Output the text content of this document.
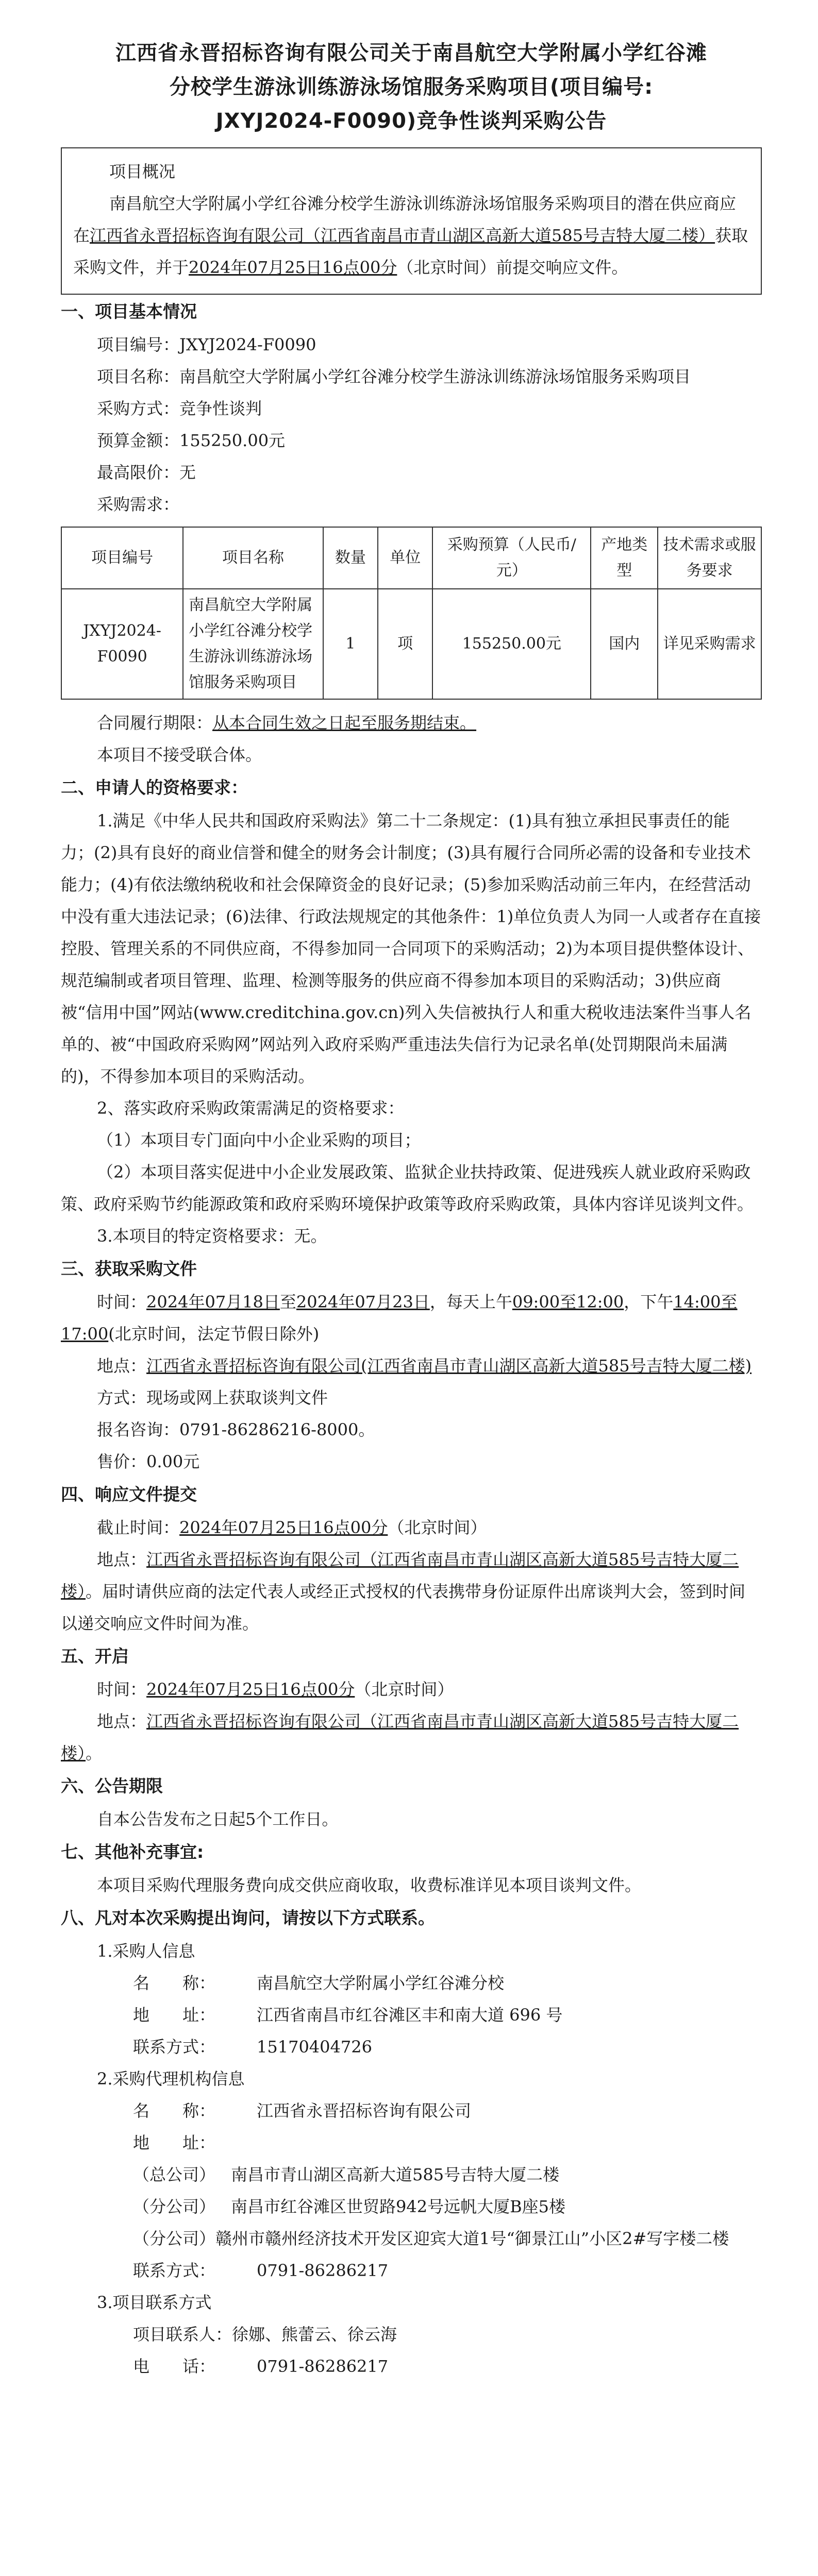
江西省永晋招标咨询有限公司关于南昌航空大学附属小学红谷滩

分校学生游泳训练游泳场馆服务采购项目(项目编号:

JXYJ2024-F0090)竞争性谈判采购公告

项目概况

南昌航空大学附属小学红谷滩分校学生游泳训练游泳场馆服务采购项目的潜在供应商应在江西省永晋招标咨询有限公司（江西省南昌市青山湖区高新大道585号吉特大厦二楼）获取采购文件，并于2024年07月25日16点00分（北京时间）前提交响应文件。

一、项目基本情况

项目编号：JXYJ2024-F0090

项目名称：南昌航空大学附属小学红谷滩分校学生游泳训练游泳场馆服务采购项目

采购方式：竞争性谈判

预算金额：155250.00元

最高限价：无

采购需求：

项目编号	项目名称	数量	单位	采购预算（人民币/元）	产地类型	技术需求或服务要求
JXYJ2024-F0090	南昌航空大学附属小学红谷滩分校学生游泳训练游泳场馆服务采购项目	1	项	155250.00元	国内	详见采购需求

合同履行期限：从本合同生效之日起至服务期结束。

本项目不接受联合体。

二、申请人的资格要求：

1.满足《中华人民共和国政府采购法》第二十二条规定：(1)具有独立承担民事责任的能力；(2)具有良好的商业信誉和健全的财务会计制度；(3)具有履行合同所必需的设备和专业技术能力；(4)有依法缴纳税收和社会保障资金的良好记录；(5)参加采购活动前三年内，在经营活动中没有重大违法记录；(6)法律、行政法规规定的其他条件：1)单位负责人为同一人或者存在直接控股、管理关系的不同供应商，不得参加同一合同项下的采购活动；2)为本项目提供整体设计、规范编制或者项目管理、监理、检测等服务的供应商不得参加本项目的采购活动；3)供应商被“信用中国”网站(www.creditchina.gov.cn)列入失信被执行人和重大税收违法案件当事人名单的、被“中国政府采购网”网站列入政府采购严重违法失信行为记录名单(处罚期限尚未届满的)，不得参加本项目的采购活动。

2、落实政府采购政策需满足的资格要求：

（1）本项目专门面向中小企业采购的项目；

（2）本项目落实促进中小企业发展政策、监狱企业扶持政策、促进残疾人就业政府采购政策、政府采购节约能源政策和政府采购环境保护政策等政府采购政策，具体内容详见谈判文件。

3.本项目的特定资格要求：无。

三、获取采购文件

时间：2024年07月18日至2024年07月23日，每天上午09:00至12:00，下午14:00至17:00(北京时间，法定节假日除外)

地点：江西省永晋招标咨询有限公司(江西省南昌市青山湖区高新大道585号吉特大厦二楼)

方式：现场或网上获取谈判文件

报名咨询：0791-86286216-8000。

售价：0.00元

四、响应文件提交

截止时间：2024年07月25日16点00分（北京时间）

地点：江西省永晋招标咨询有限公司（江西省南昌市青山湖区高新大道585号吉特大厦二楼）。届时请供应商的法定代表人或经正式授权的代表携带身份证原件出席谈判大会，签到时间以递交响应文件时间为准。

五、开启

时间：2024年07月25日16点00分（北京时间）

地点：江西省永晋招标咨询有限公司（江西省南昌市青山湖区高新大道585号吉特大厦二楼）。

六、公告期限

自本公告发布之日起5个工作日。

七、其他补充事宜:

本项目采购代理服务费向成交供应商收取，收费标准详见本项目谈判文件。

八、凡对本次采购提出询问，请按以下方式联系。

1.采购人信息

名　　称： 南昌航空大学附属小学红谷滩分校

地　　址： 江西省南昌市红谷滩区丰和南大道 696 号

联系方式： 15170404726

2.采购代理机构信息

名　　称： 江西省永晋招标咨询有限公司

地　　址：

（总公司） 南昌市青山湖区高新大道585号吉特大厦二楼

（分公司） 南昌市红谷滩区世贸路942号远帆大厦B座5楼

（分公司）赣州市赣州经济技术开发区迎宾大道1号“御景江山”小区2#写字楼二楼

联系方式： 0791-86286217

3.项目联系方式

项目联系人：徐娜、熊蕾云、徐云海

电　　话： 0791-86286217
